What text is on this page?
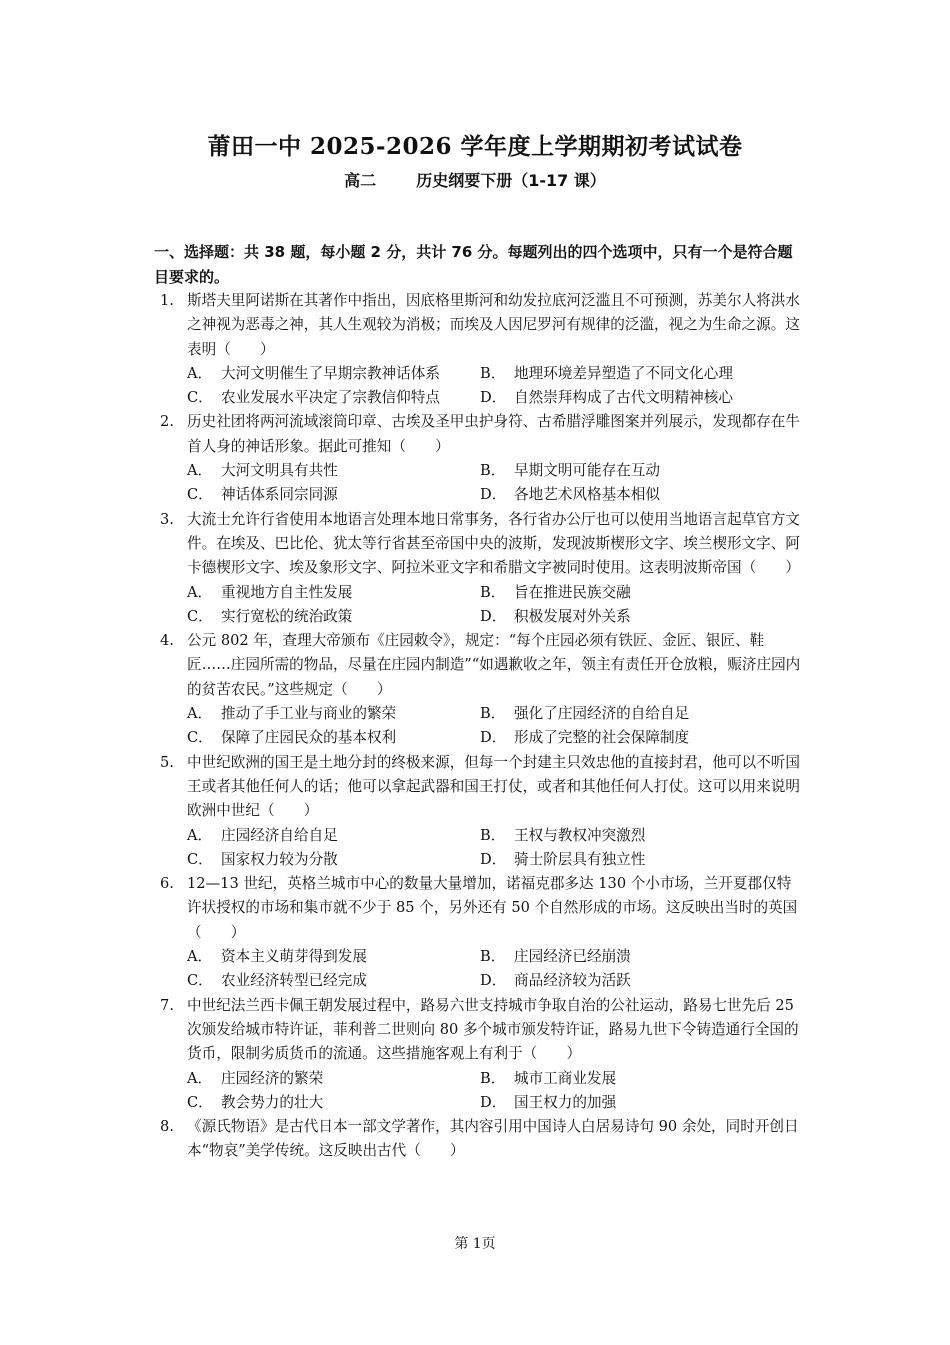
莆田一中 2025-2026 学年度上学期期初考试试卷
高二	历史纲要下册（1-17 课）
一、选择题：共 38 题，每小题 2 分，共计 76 分。每题列出的四个选项中，只有一个是符合题目要求的。
1. 斯塔夫里阿诺斯在其著作中指出，因底格里斯河和幼发拉底河泛滥且不可预测，苏美尔人将洪水之神视为恶毒之神，其人生观较为消极；而埃及人因尼罗河有规律的泛滥，视之为生命之源。这表明（　　）
A． 大河文明催生了早期宗教神话体系	B． 地理环境差异塑造了不同文化心理
C． 农业发展水平决定了宗教信仰特点	D． 自然崇拜构成了古代文明精神核心
2. 历史社团将两河流域滚筒印章、古埃及圣甲虫护身符、古希腊浮雕图案并列展示，发现都存在牛首人身的神话形象。据此可推知（　　）
A． 大河文明具有共性	B． 早期文明可能存在互动
C． 神话体系同宗同源	D． 各地艺术风格基本相似
3. 大流士允许行省使用本地语言处理本地日常事务，各行省办公厅也可以使用当地语言起草官方文件。在埃及、巴比伦、犹太等行省甚至帝国中央的波斯，发现波斯楔形文字、埃兰楔形文字、阿卡德楔形文字、埃及象形文字、阿拉米亚文字和希腊文字被同时使用。这表明波斯帝国（　　）
A． 重视地方自主性发展	B． 旨在推进民族交融
C． 实行宽松的统治政策	D． 积极发展对外关系
4. 公元 802 年，查理大帝颁布《庄园敕令》，规定：“每个庄园必须有铁匠、金匠、银匠、鞋匠……庄园所需的物品，尽量在庄园内制造”“如遇歉收之年，领主有责任开仓放粮，赈济庄园内的贫苦农民。”这些规定（　　）
A． 推动了手工业与商业的繁荣	B． 强化了庄园经济的自给自足
C． 保障了庄园民众的基本权利	D． 形成了完整的社会保障制度
5. 中世纪欧洲的国王是土地分封的终极来源，但每一个封建主只效忠他的直接封君，他可以不听国王或者其他任何人的话；他可以拿起武器和国王打仗，或者和其他任何人打仗。这可以用来说明欧洲中世纪（　　）
A． 庄园经济自给自足	B． 王权与教权冲突激烈
C． 国家权力较为分散	D． 骑士阶层具有独立性
6. 12—13 世纪，英格兰城市中心的数量大量增加，诺福克郡多达 130 个小市场，兰开夏郡仅特许状授权的市场和集市就不少于 85 个，另外还有 50 个自然形成的市场。这反映出当时的英国（　　）
A． 资本主义萌芽得到发展	B． 庄园经济已经崩溃
C． 农业经济转型已经完成	D． 商品经济较为活跃
7. 中世纪法兰西卡佩王朝发展过程中，路易六世支持城市争取自治的公社运动，路易七世先后 25 次颁发给城市特许证，菲利普二世则向 80 多个城市颁发特许证，路易九世下令铸造通行全国的货币，限制劣质货币的流通。这些措施客观上有利于（　　）
A． 庄园经济的繁荣	B． 城市工商业发展
C． 教会势力的壮大	D． 国王权力的加强
8. 《源氏物语》是古代日本一部文学著作，其内容引用中国诗人白居易诗句 90 余处，同时开创日本“物哀”美学传统。这反映出古代（　　）
第 1页
